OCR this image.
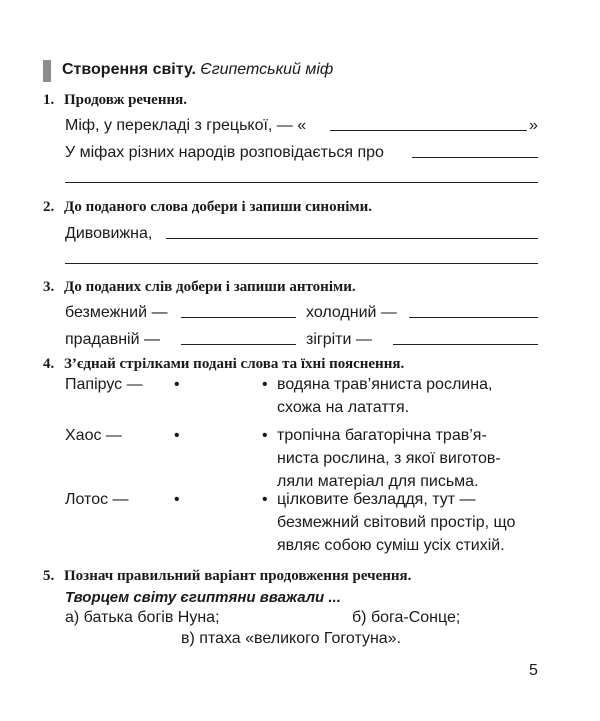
Створення світу. Єгипетський міф
1. Продовж речення.
Міф, у перекладі з грецької, — «	»
У міфах різних народів розповідається про
2. До поданого слова добери і запиши синоніми.
Дивовижна,
3. До поданих слів добери і запиши антоніми.
безмежний —	холодний —
прадавній —	зігріти —
4. З’єднай стрілками подані слова та їхні пояснення.
Папірус — •	• водяна трав’яниста рослина,
схожа на латаття.
Хаос —	•	• тропічна багаторічна трав’я-
ниста рослина, з якої виготов-
ляли матеріал для письма.
Лотос —	•	• цілковите безладдя, тут —
безмежний світовий простір, що
являє собою суміш усіх стихій.
5. Познач правильний варіант продовження речення.
Творцем світу єгиптяни вважали ...
а) батька богів Нуна;	б) бога-Сонце;
в) птаха «великого Гоготуна».
5
